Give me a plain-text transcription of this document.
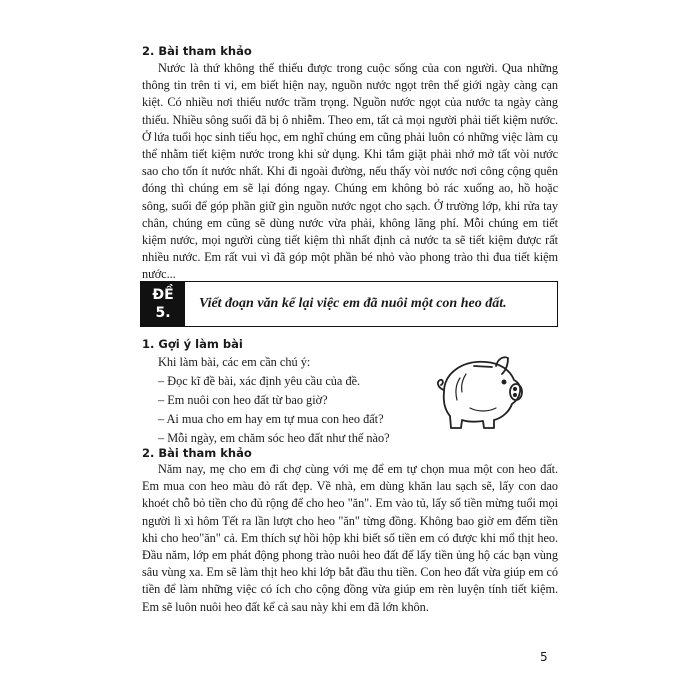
2. Bài tham khảo

Nước là thứ không thể thiếu được trong cuộc sống của con người. Qua những thông tin trên ti vi, em biết hiện nay, nguồn nước ngọt trên thế giới ngày càng cạn kiệt. Có nhiều nơi thiếu nước trầm trọng. Nguồn nước ngọt của nước ta ngày càng thiếu. Nhiều sông suối đã bị ô nhiễm. Theo em, tất cả mọi người phải tiết kiệm nước. Ở lứa tuổi học sinh tiểu học, em nghĩ chúng em cũng phải luôn có những việc làm cụ thể nhằm tiết kiệm nước trong khi sử dụng. Khi tắm giặt phải nhớ mở tất vòi nước sao cho tốn ít nước nhất. Khi đi ngoài đường, nếu thấy vòi nước nơi công cộng quên đóng thì chúng em sẽ lại đóng ngay. Chúng em không bỏ rác xuống ao, hồ hoặc sông, suối để góp phần giữ gìn nguồn nước ngọt cho sạch. Ở trường lớp, khi rửa tay chân, chúng em cũng sẽ dùng nước vừa phải, không lãng phí. Mỗi chúng em tiết kiệm nước, mọi người cùng tiết kiệm thì nhất định cả nước ta sẽ tiết kiệm được rất nhiều nước. Em rất vui vì đã góp một phần bé nhỏ vào phong trào thi đua tiết kiệm nước...

ĐỀ
5.
Viết đoạn văn kể lại việc em đã nuôi một con heo đất.
1. Gợi ý làm bài

Khi làm bài, các em cần chú ý:

– Đọc kĩ đề bài, xác định yêu cầu của đề.
– Em nuôi con heo đất từ bao giờ?
– Ai mua cho em hay em tự mua con heo đất?
– Mỗi ngày, em chăm sóc heo đất như thế nào?
2. Bài tham khảo

Năm nay, mẹ cho em đi chợ cùng với mẹ để em tự chọn mua một con heo đất. Em mua con heo màu đỏ rất đẹp. Về nhà, em dùng khăn lau sạch sẽ, lấy con dao khoét chỗ bỏ tiền cho đủ rộng để cho heo "ăn". Em vào tủ, lấy số tiền mừng tuổi mọi người lì xì hôm Tết ra lần lượt cho heo "ăn" từng đồng. Không bao giờ em đếm tiền khi cho heo"ăn" cả. Em thích sự hồi hộp khi biết số tiền em có được khi mổ thịt heo. Đầu năm, lớp em phát động phong trào nuôi heo đất để lấy tiền ủng hộ các bạn vùng sâu vùng xa. Em sẽ làm thịt heo khi lớp bắt đầu thu tiền. Con heo đất vừa giúp em có tiền để làm những việc có ích cho cộng đồng vừa giúp em rèn luyện tính tiết kiệm. Em sẽ luôn nuôi heo đất kể cả sau này khi em đã lớn khôn.

5
